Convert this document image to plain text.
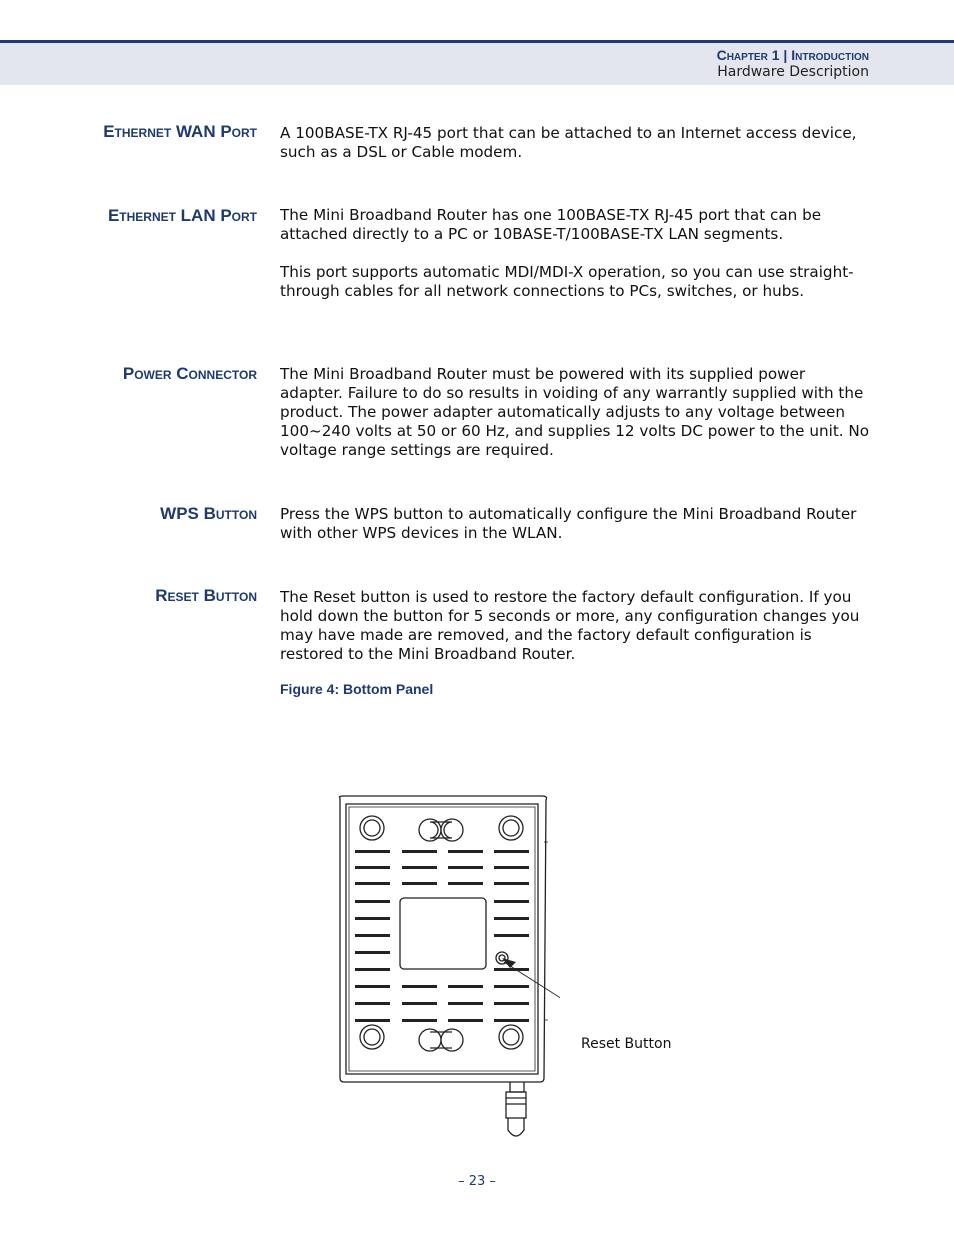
Chapter 1 | Introduction
Hardware Description
Ethernet WAN Port A 100BASE-TX RJ-45 port that can be attached to an Internet access device, such as a DSL or Cable modem.

Ethernet LAN Port The Mini Broadband Router has one 100BASE-TX RJ-45 port that can be attached directly to a PC or 10BASE-T/100BASE-TX LAN segments.

This port supports automatic MDI/MDI-X operation, so you can use straight-through cables for all network connections to PCs, switches, or hubs.

Power Connector The Mini Broadband Router must be powered with its supplied power adapter. Failure to do so results in voiding of any warrantly supplied with the product. The power adapter automatically adjusts to any voltage between 100~240 volts at 50 or 60 Hz, and supplies 12 volts DC power to the unit. No voltage range settings are required.

WPS Button Press the WPS button to automatically configure the Mini Broadband Router with other WPS devices in the WLAN.

Reset Button The Reset button is used to restore the factory default configuration. If you hold down the button for 5 seconds or more, any configuration changes you may have made are removed, and the factory default configuration is restored to the Mini Broadband Router.

Figure 4: Bottom Panel
Reset Button
– 23 –
